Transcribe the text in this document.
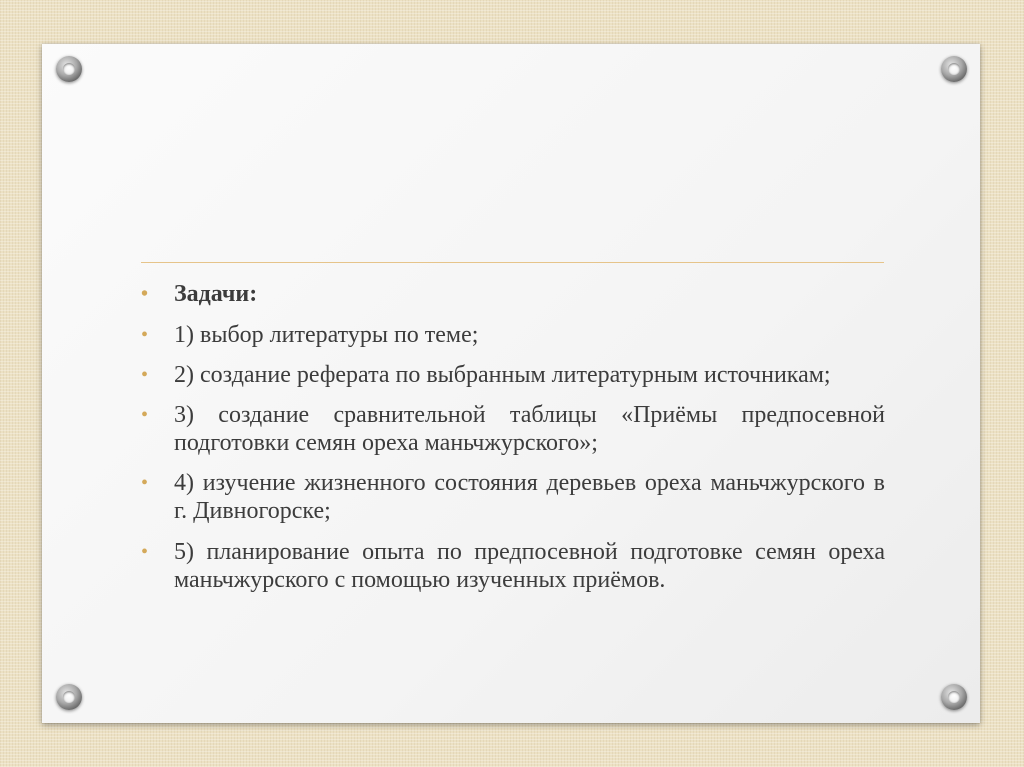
• Задачи:
• 1) выбор литературы по теме;
• 2) создание реферата по выбранным литературным источникам;
• 3) создание сравнительной таблицы «Приёмы предпосевной подготовки семян ореха маньчжурского»;
• 4) изучение жизненного состояния деревьев ореха маньчжурского в г. Дивногорске;
• 5) планирование опыта по предпосевной подготовке семян ореха маньчжурского с помощью изученных приёмов.
